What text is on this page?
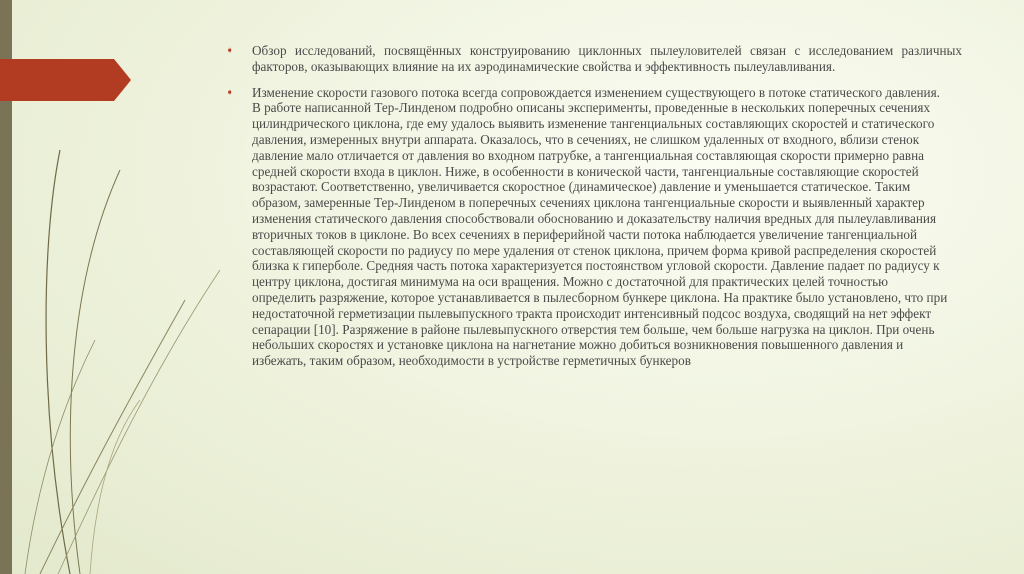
➧ Обзор исследований, посвящённых конструированию циклонных пылеуловителей связан с исследованием различных факторов, оказывающих влияние на их аэродинамические свойства и эффективность пылеулавливания.
➧ Изменение скорости газового потока всегда сопровождается изменением существующего в потоке статического давления. В работе написанной Тер-Линденом подробно описаны эксперименты, проведенные в нескольких поперечных сечениях цилиндрического циклона, где ему удалось выявить изменение тангенциальных составляющих скоростей и статического давления, измеренных внутри аппарата. Оказалось, что в сечениях, не слишком удаленных от входного, вблизи стенок давление мало отличается от давления во входном патрубке, а тангенциальная составляющая скорости примерно равна средней скорости входа в циклон. Ниже, в особенности в конической части, тангенциальные составляющие скоростей возрастают. Соответственно, увеличивается скоростное (динамическое) давление и уменьшается статическое. Таким образом, замеренные Тер-Линденом в поперечных сечениях циклона тангенциальные скорости и выявленный характер изменения статического давления способствовали обоснованию и доказательству наличия вредных для пылеулавливания вторичных токов в циклоне. Во всех сечениях в периферийной части потока наблюдается увеличение тангенциальной составляющей скорости по радиусу по мере удаления от стенок циклона, причем форма кривой распределения скоростей близка к гиперболе. Средняя часть потока характеризуется постоянством угловой скорости. Давление падает по радиусу к центру циклона, достигая минимума на оси вращения. Можно с достаточной для практических целей точностью определить разряжение, которое устанавливается в пылесборном бункере циклона. На практике было установлено, что при недостаточной герметизации пылевыпускного тракта происходит интенсивный подсос воздуха, сводящий на нет эффект сепарации [10]. Разряжение в районе пылевыпускного отверстия тем больше, чем больше нагрузка на циклон. При очень небольших скоростях и установке циклона на нагнетание можно добиться возникновения повышенного давления и избежать, таким образом, необходимости в устройстве герметичных бункеров
